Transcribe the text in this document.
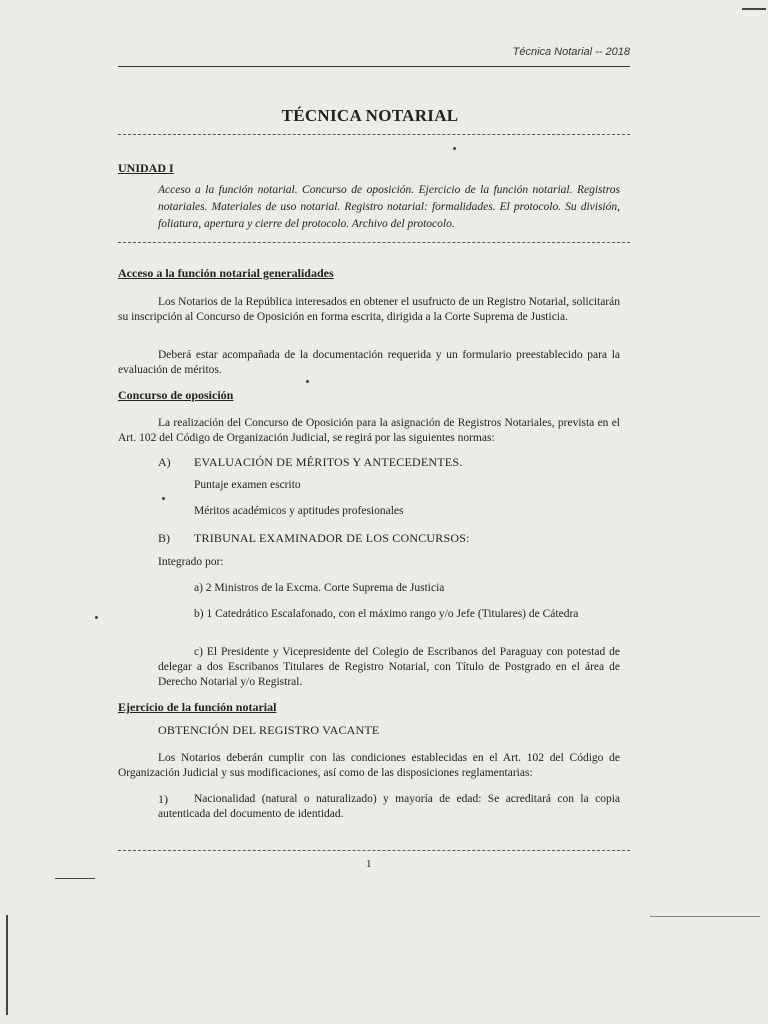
Técnica Notarial -- 2018
TÉCNICA NOTARIAL
UNIDAD I
Acceso a la función notarial. Concurso de oposición. Ejercicio de la función notarial. Registros notariales. Materiales de uso notarial. Registro notarial: formalidades. El protocolo. Su división, foliatura, apertura y cierre del protocolo. Archivo del protocolo.
Acceso a la función notarial generalidades
Los Notarios de la República interesados en obtener el usufructo de un Registro Notarial, solicitarán su inscripción al Concurso de Oposición en forma escrita, dirigida a la Corte Suprema de Justicia.
Deberá estar acompañada de la documentación requerida y un formulario preestablecido para la evaluación de méritos.
Concurso de oposición
La realización del Concurso de Oposición para la asignación de Registros Notariales, prevista en el Art. 102 del Código de Organización Judicial, se regirá por las siguientes normas:
A) EVALUACIÓN DE MÉRITOS Y ANTECEDENTES.
Puntaje examen escrito
Méritos académicos y aptitudes profesionales
B) TRIBUNAL EXAMINADOR DE LOS CONCURSOS:
Integrado por:
a) 2 Ministros de la Excma. Corte Suprema de Justicia
b) 1 Catedrático Escalafonado, con el máximo rango y/o Jefe (Titulares) de Cátedra
c) El Presidente y Vicepresidente del Colegio de Escribanos del Paraguay con potestad de delegar a dos Escribanos Titulares de Registro Notarial, con Título de Postgrado en el área de Derecho Notarial y/o Registral.
Ejercicio de la función notarial
OBTENCIÓN DEL REGISTRO VACANTE
Los Notarios deberán cumplir con las condiciones establecidas en el Art. 102 del Código de Organización Judicial y sus modificaciones, así como de las disposiciones reglamentarias:
1)	Nacionalidad (natural o naturalizado) y mayoría de edad: Se acreditará con la copia autenticada del documento de identidad.
1
